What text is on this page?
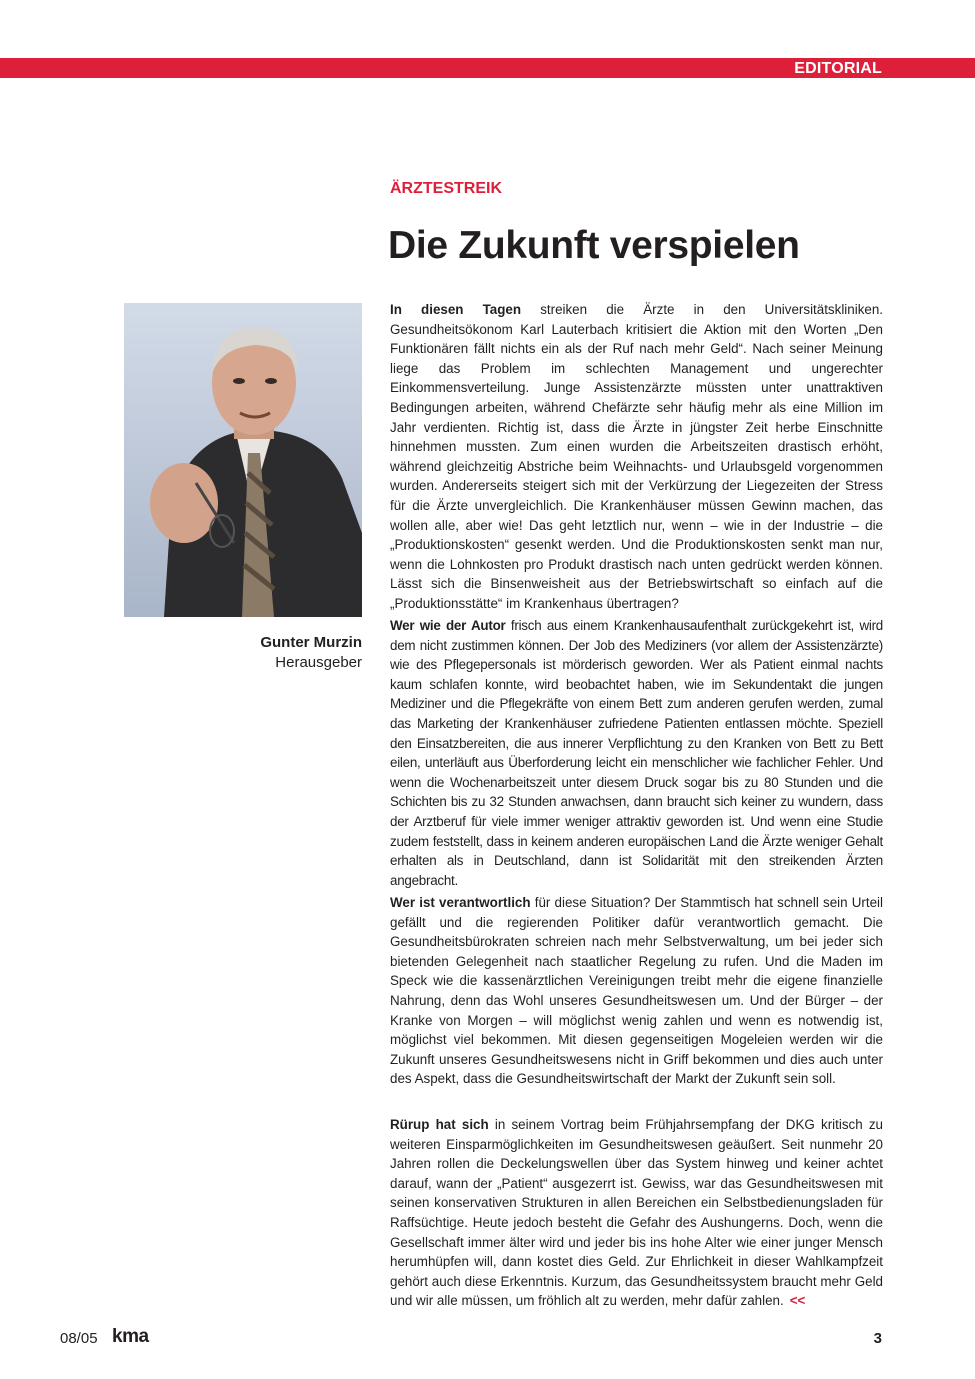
EDITORIAL
ÄRZTESTREIK
Die Zukunft verspielen
Gunter Murzin
Herausgeber

In diesen Tagen streiken die Ärzte in den Universitätskliniken. Gesundheitsökonom Karl Lauterbach kritisiert die Aktion mit den Worten „Den Funktionären fällt nichts ein als der Ruf nach mehr Geld“. Nach seiner Meinung liege das Problem im schlechten Management und ungerechter Einkommensverteilung. Junge Assistenzärzte müssten unter unattraktiven Bedingungen arbeiten, während Chefärzte sehr häufig mehr als eine Million im Jahr verdienten. Richtig ist, dass die Ärzte in jüngster Zeit herbe Einschnitte hinnehmen mussten. Zum einen wurden die Arbeitszeiten drastisch erhöht, während gleichzeitig Abstriche beim Weihnachts- und Urlaubsgeld vorgenommen wurden. Andererseits steigert sich mit der Verkürzung der Liegezeiten der Stress für die Ärzte unvergleichlich. Die Krankenhäuser müssen Gewinn machen, das wollen alle, aber wie! Das geht letztlich nur, wenn – wie in der Industrie – die „Produktionskosten“ gesenkt werden. Und die Produktionskosten senkt man nur, wenn die Lohnkosten pro Produkt drastisch nach unten gedrückt werden können. Lässt sich die Binsenweisheit aus der Betriebswirtschaft so einfach auf die „Produktionsstätte“ im Krankenhaus übertragen?

Wer wie der Autor frisch aus einem Krankenhausaufenthalt zurückgekehrt ist, wird dem nicht zustimmen können. Der Job des Mediziners (vor allem der Assistenzärzte) wie des Pflegepersonals ist mörderisch geworden. Wer als Patient einmal nachts kaum schlafen konnte, wird beobachtet haben, wie im Sekundentakt die jungen Mediziner und die Pflegekräfte von einem Bett zum anderen gerufen werden, zumal das Marketing der Krankenhäuser zufriedene Patienten entlassen möchte. Speziell den Einsatzbereiten, die aus innerer Verpflichtung zu den Kranken von Bett zu Bett eilen, unterläuft aus Überforderung leicht ein menschlicher wie fachlicher Fehler. Und wenn die Wochenarbeitszeit unter diesem Druck sogar bis zu 80 Stunden und die Schichten bis zu 32 Stunden anwachsen, dann braucht sich keiner zu wundern, dass der Arztberuf für viele immer weniger attraktiv geworden ist. Und wenn eine Studie zudem feststellt, dass in keinem anderen europäischen Land die Ärzte weniger Gehalt erhalten als in Deutschland, dann ist Solidarität mit den streikenden Ärzten angebracht.

Wer ist verantwortlich für diese Situation? Der Stammtisch hat schnell sein Urteil gefällt und die regierenden Politiker dafür verantwortlich gemacht. Die Gesundheitsbürokraten schreien nach mehr Selbstverwaltung, um bei jeder sich bietenden Gelegenheit nach staatlicher Regelung zu rufen. Und die Maden im Speck wie die kassenärztlichen Vereinigungen treibt mehr die eigene finanzielle Nahrung, denn das Wohl unseres Gesundheitswesen um. Und der Bürger – der Kranke von Morgen – will möglichst wenig zahlen und wenn es notwendig ist, möglichst viel bekommen. Mit diesen gegenseitigen Mogeleien werden wir die Zukunft unseres Gesundheitswesens nicht in Griff bekommen und dies auch unter des Aspekt, dass die Gesundheitswirtschaft der Markt der Zukunft sein soll.

Rürup hat sich in seinem Vortrag beim Frühjahrsempfang der DKG kritisch zu weiteren Einsparmöglichkeiten im Gesundheitswesen geäußert. Seit nunmehr 20 Jahren rollen die Deckelungswellen über das System hinweg und keiner achtet darauf, wann der „Patient“ ausgezerrt ist. Gewiss, war das Gesundheitswesen mit seinen konservativen Strukturen in allen Bereichen ein Selbstbedienungsladen für Raffsüchtige. Heute jedoch besteht die Gefahr des Aushungerns. Doch, wenn die Gesellschaft immer älter wird und jeder bis ins hohe Alter wie einer junger Mensch herumhüpfen will, dann kostet dies Geld. Zur Ehrlichkeit in dieser Wahlkampfzeit gehört auch diese Erkenntnis. Kurzum, das Gesundheitssystem braucht mehr Geld und wir alle müssen, um fröhlich alt zu werden, mehr dafür zahlen. <<

08/05 kma	3
